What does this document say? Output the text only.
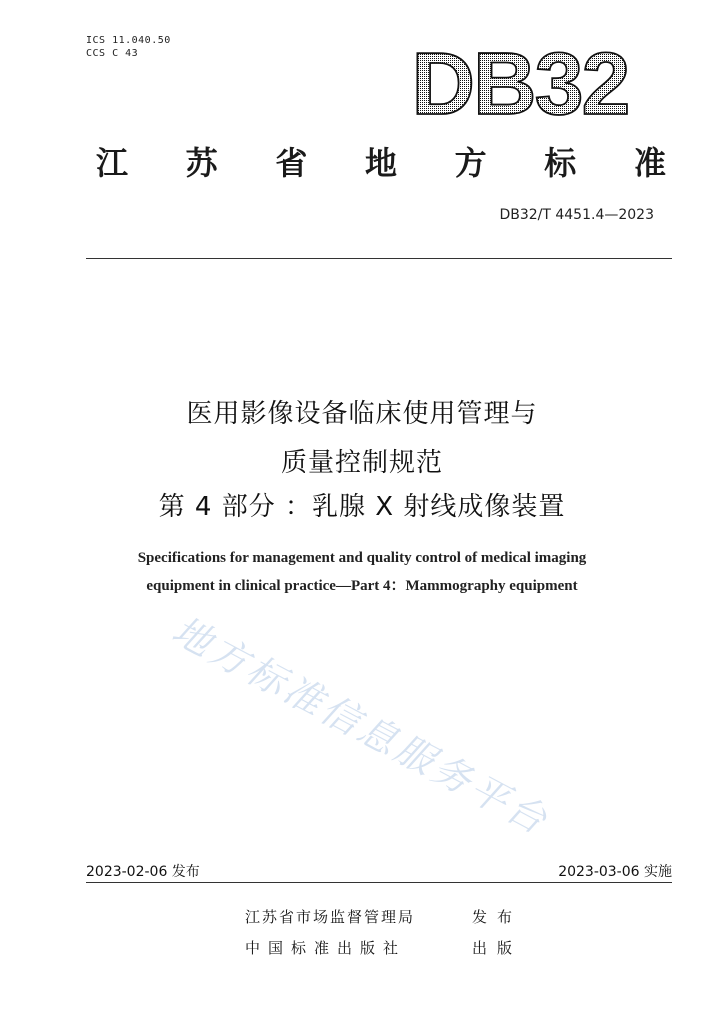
ICS 11.040.50
CCS C 43	DB32
江 苏 省 地 方 标 准
DB32/T 4451.4—2023
医用影像设备临床使用管理与
质量控制规范
第 4 部分 ：乳腺 X 射线成像装置
Specifications for management and quality control of medical imaging
equipment in clinical practice—Part 4：Mammography equipment
地方标准信息服务平台
2023-02-06 发布	2023-03-06 实施
江苏省市场监督管理局	发布
中国标准出版社	出版
